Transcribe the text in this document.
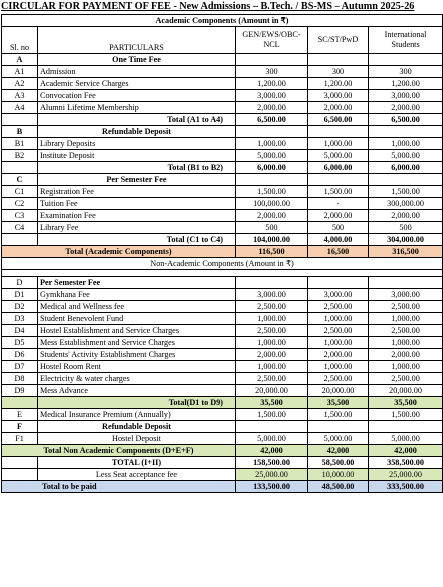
CIRCULAR FOR PAYMENT OF FEE - New Admissions – B.Tech. / BS-MS – Autumn 2025-26
Academic Components (Amount in ₹)				
Sl. no	PARTICULARS	GEN/EWS/OBC-NCL	SC/ST/PwD	International Students
A	One Time Fee			
A1	Admission	300	300	300
A2	Academic Service Charges	1,200.00	1,200.00	1,200.00
A3	Convocation Fee	3,000.00	3,000.00	3,000.00
A4	Alumni Lifetime Membership	2,000.00	2,000.00	2,000.00
	Total (A1 to A4)	6,500.00	6,500.00	6,500.00
B	Refundable Deposit			
B1	Library Deposits	1,000.00	1,000.00	1,000.00
B2	Institute Deposit	5,000.00	5,000.00	5,000.00
	Total (B1 to B2)	6,000.00	6,000.00	6,000.00
C	Per Semester Fee			
C1	Registration Fee	1,500.00	1,500.00	1,500.00
C2	Tuition Fee	100,000.00	-	300,000.00
C3	Examination Fee	2,000.00	2,000.00	2,000.00
C4	Library Fee	500	500	500
	Total (C1 to C4)	104,000.00	4,000.00	304,000.00
Total (Academic Components)		116,500	16,500	316,500
Non-Academic Components (Amount in ₹)				

D	Per Semester Fee			
D1	Gymkhana Fee	3,000.00	3,000.00	3,000.00
D2	Medical and Wellness fee	2,500.00	2,500.00	2,500.00
D3	Student Benevolent Fund	1,000.00	1,000.00	1,000.00
D4	Hostel Establishment and Service Charges	2,500.00	2,500.00	2,500.00
D5	Mess Establishment and Service Charges	1,000.00	1,000.00	1,000.00
D6	Students' Activity Establishment Charges	2,000.00	2,000.00	2,000.00
D7	Hostel Room Rent	1,000.00	1,000.00	1,000.00
D8	Electricity & water charges	2,500.00	2,500.00	2,500.00
D9	Mess Advance	20,000.00	20,000.00	20,000.00
	Total(D1 to D9)	35,500	35,500	35,500
E	Medical Insurance Premium (Annually)	1,500.00	1,500.00	1,500.00
F	Refundable Deposit			
F1	Hostel Deposit	5,000.00	5,000.00	5,000.00
Total Non Academic Components (D+E+F)		42,000	42,000	42,000
	TOTAL (I+II)	158,500.00	58,500.00	358,500.00
	Less Seat acceptance fee	25,000.00	10,000.00	25,000.00
Total to be paid		133,500.00	48,500.00	333,500.00
